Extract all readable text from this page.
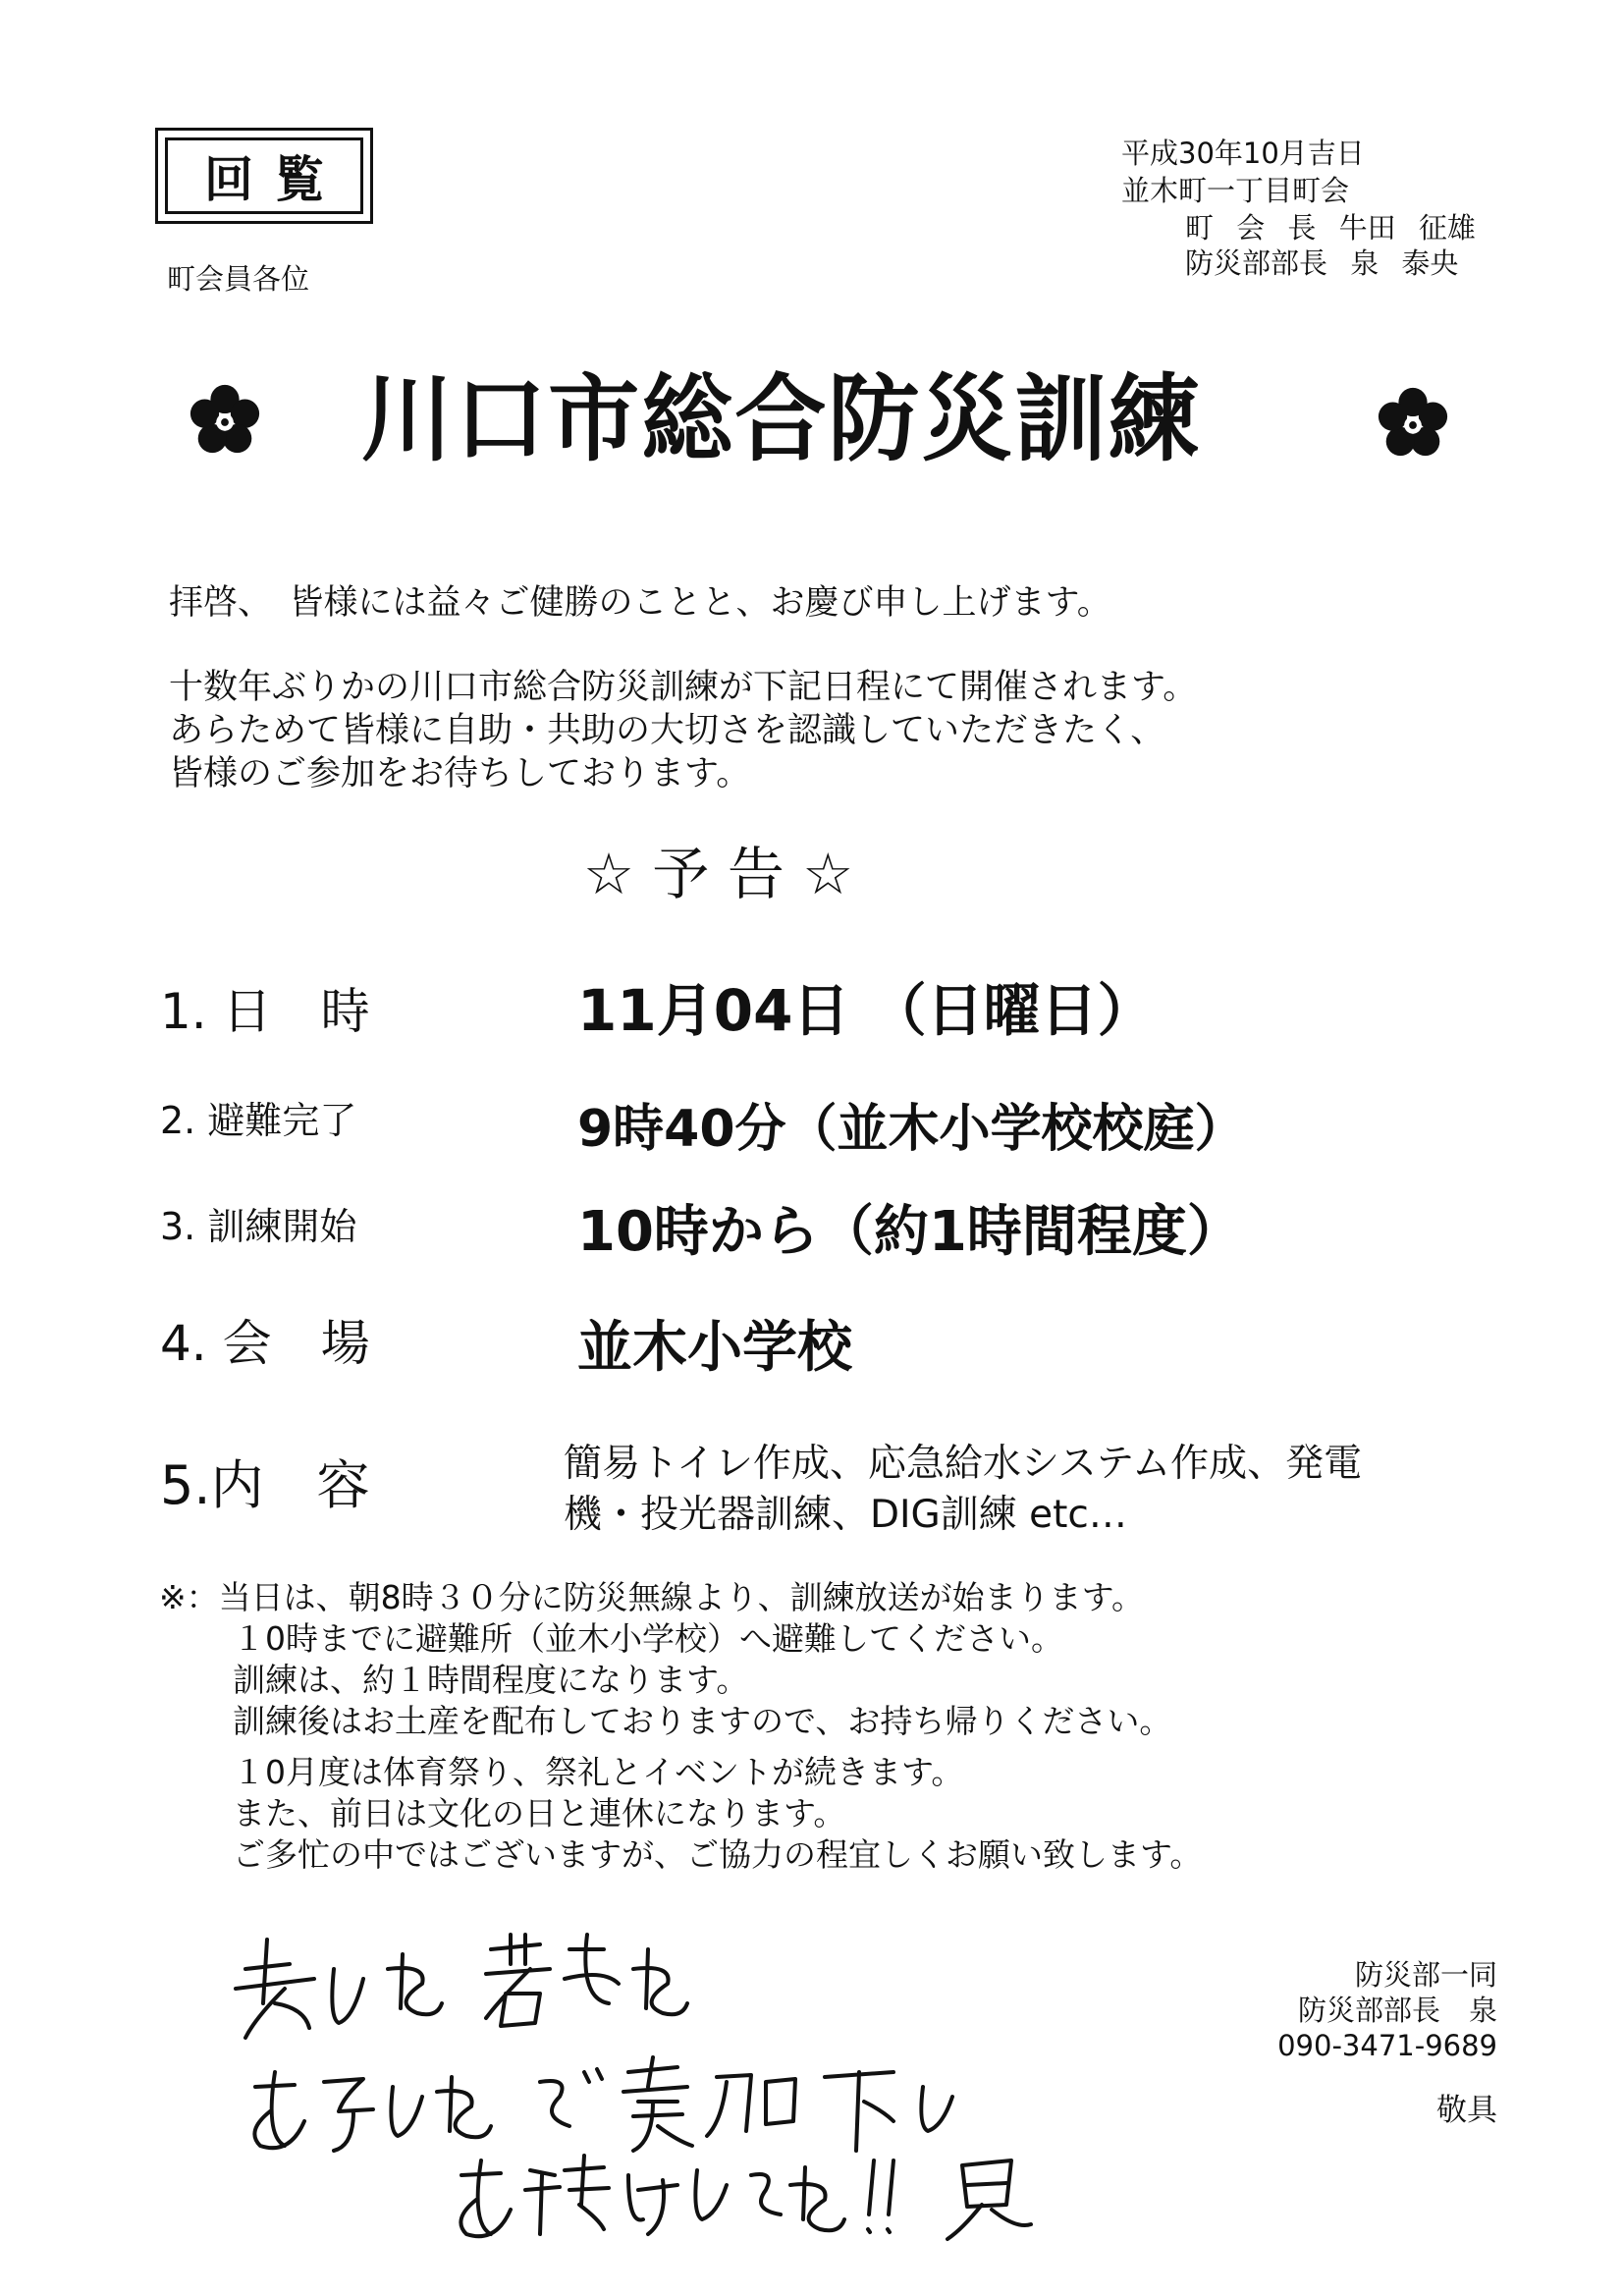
回覧
町会員各位
平成30年10月吉日
並木町一丁目町会
町 会 長 牛田 征雄
防災部部長 泉 泰央
川口市総合防災訓練
拝啓、　皆様には益々ご健勝のことと、お慶び申し上げます。
十数年ぶりかの川口市総合防災訓練が下記日程にて開催されます。
あらためて皆様に自助・共助の大切さを認識していただきたく、
皆様のご参加をお待ちしております。
☆ 予 告 ☆
1. 日　時	11月04日 （日曜日）
2. 避難完了	9時40分（並木小学校校庭）
3. 訓練開始	10時から（約1時間程度）
4. 会　場	並木小学校
5.内　容	簡易トイレ作成、応急給水システム作成、発電
機・投光器訓練、DIG訓練 etc…
※：当日は、朝8時３０分に防災無線より、訓練放送が始まります。
１0時までに避難所（並木小学校）へ避難してください。
訓練は、約１時間程度になります。
訓練後はお土産を配布しておりますので、お持ち帰りください。
１0月度は体育祭り、祭礼とイベントが続きます。
また、前日は文化の日と連休になります。
ご多忙の中ではございますが、ご協力の程宜しくお願い致します。
防災部一同
防災部部長　泉
090-3471-9689
敬具
